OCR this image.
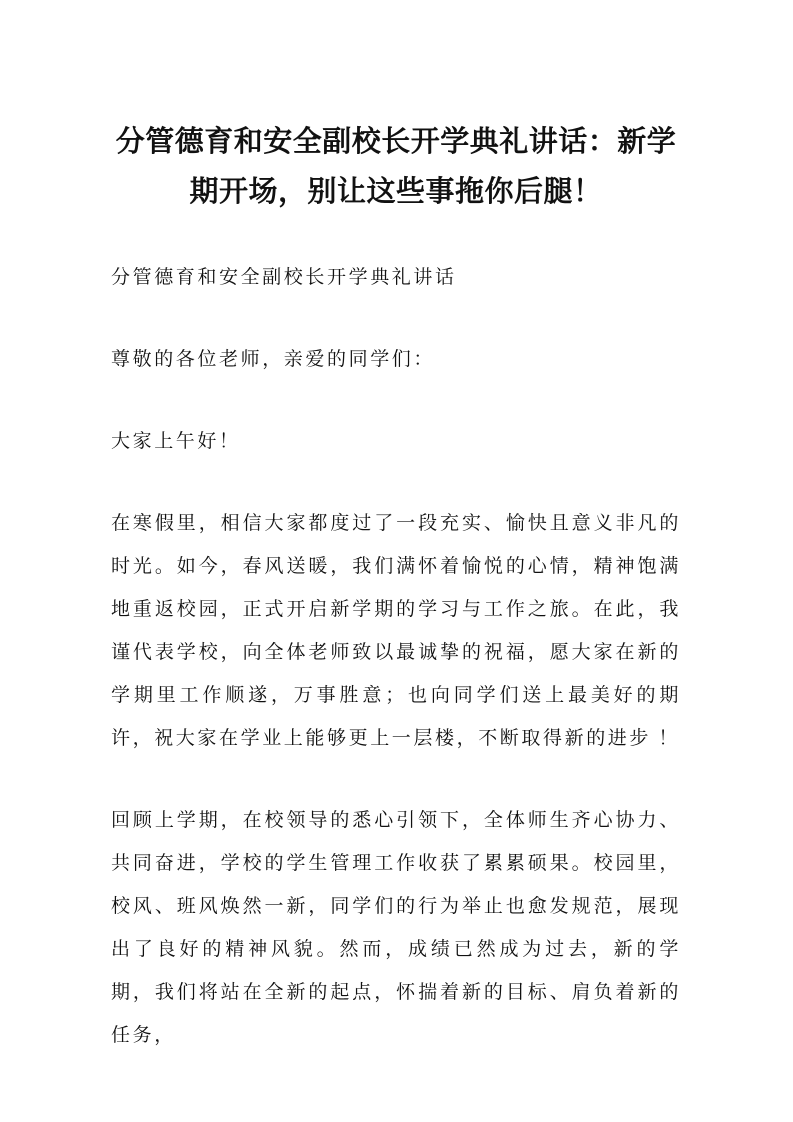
分管德育和安全副校长开学典礼讲话：新学期开场，别让这些事拖你后腿！

分管德育和安全副校长开学典礼讲话

尊敬的各位老师，亲爱的同学们：

大家上午好！

在寒假里，相信大家都度过了一段充实、愉快且意义非凡的时光。如今，春风送暖，我们满怀着愉悦的心情，精神饱满地重返校园，正式开启新学期的学习与工作之旅。在此，我谨代表学校，向全体老师致以最诚挚的祝福，愿大家在新的学期里工作顺遂，万事胜意；也向同学们送上最美好的期许，祝大家在学业上能够更上一层楼，不断取得新的进步 ！

回顾上学期，在校领导的悉心引领下，全体师生齐心协力、共同奋进，学校的学生管理工作收获了累累硕果。校园里，校风、班风焕然一新，同学们的行为举止也愈发规范，展现出了良好的精神风貌。然而，成绩已然成为过去，新的学期，我们将站在全新的起点，怀揣着新的目标、肩负着新的任务，
